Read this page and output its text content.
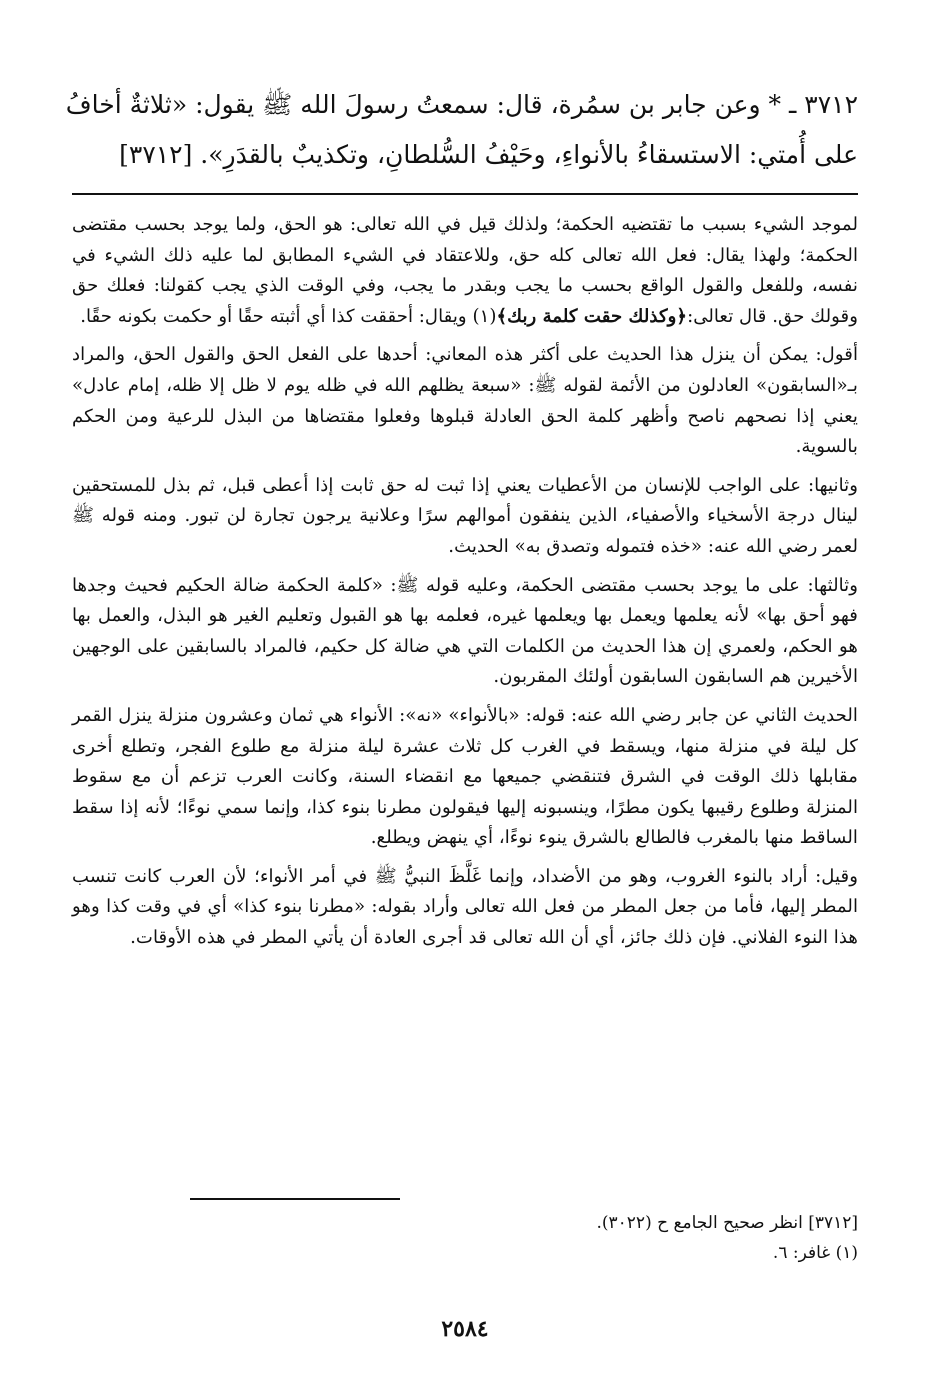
٣٧١٢ ـ * وعن جابر بن سمُرة، قال: سمعتُ رسولَ الله ﷺ يقول: «ثلاثةٌ أخافُ
على أُمتي: الاستسقاءُ بالأنواءِ، وحَيْفُ السُّلطانِ، وتكذيبٌ بالقدَرِ». [٣٧١٢]

لموجد الشيء بسبب ما تقتضيه الحكمة؛ ولذلك قيل في الله تعالى: هو الحق، ولما يوجد بحسب مقتضى الحكمة؛ ولهذا يقال: فعل الله تعالى كله حق، وللاعتقاد في الشيء المطابق لما عليه ذلك الشيء في نفسه، وللفعل والقول الواقع بحسب ما يجب وبقدر ما يجب، وفي الوقت الذي يجب كقولنا: فعلك حق وقولك حق. قال تعالى:﴿وكذلك حقت كلمة ربك﴾(١) ويقال: أحققت كذا أي أثبته حقًا أو حكمت بكونه حقًا.

أقول: يمكن أن ينزل هذا الحديث على أكثر هذه المعاني: أحدها على الفعل الحق والقول الحق، والمراد بـ«السابقون» العادلون من الأئمة لقوله ﷺ: «سبعة يظلهم الله في ظله يوم لا ظل إلا ظله، إمام عادل» يعني إذا نصحهم ناصح وأظهر كلمة الحق العادلة قبلوها وفعلوا مقتضاها من البذل للرعية ومن الحكم بالسوية.

وثانيها: على الواجب للإنسان من الأعطيات يعني إذا ثبت له حق ثابت إذا أعطى قبل، ثم بذل للمستحقين لينال درجة الأسخياء والأصفياء، الذين ينفقون أموالهم سرًا وعلانية يرجون تجارة لن تبور. ومنه قوله ﷺ لعمر رضي الله عنه: «خذه فتموله وتصدق به» الحديث.

وثالثها: على ما يوجد بحسب مقتضى الحكمة، وعليه قوله ﷺ: «كلمة الحكمة ضالة الحكيم فحيث وجدها فهو أحق بها» لأنه يعلمها ويعمل بها ويعلمها غيره، فعلمه بها هو القبول وتعليم الغير هو البذل، والعمل بها هو الحكم، ولعمري إن هذا الحديث من الكلمات التي هي ضالة كل حكيم، فالمراد بالسابقين على الوجهين الأخيرين هم السابقون السابقون أولئك المقربون.

الحديث الثاني عن جابر رضي الله عنه: قوله: «بالأنواء» «نه»: الأنواء هي ثمان وعشرون منزلة ينزل القمر كل ليلة في منزلة منها، ويسقط في الغرب كل ثلاث عشرة ليلة منزلة مع طلوع الفجر، وتطلع أخرى مقابلها ذلك الوقت في الشرق فتنقضي جميعها مع انقضاء السنة، وكانت العرب تزعم أن مع سقوط المنزلة وطلوع رقيبها يكون مطرًا، وينسبونه إليها فيقولون مطرنا بنوء كذا، وإنما سمي نوءًا؛ لأنه إذا سقط الساقط منها بالمغرب فالطالع بالشرق ينوء نوءًا، أي ينهض ويطلع.

وقيل: أراد بالنوء الغروب، وهو من الأضداد، وإنما غَلَّظَ النبيُّ ﷺ في أمر الأنواء؛ لأن العرب كانت تنسب المطر إليها، فأما من جعل المطر من فعل الله تعالى وأراد بقوله: «مطرنا بنوء كذا» أي في وقت كذا وهو هذا النوء الفلاني. فإن ذلك جائز، أي أن الله تعالى قد أجرى العادة أن يأتي المطر في هذه الأوقات.

[٣٧١٢] انظر صحيح الجامع ح (٣٠٢٢).
(١) غافر: ٦.
٢٥٨٤
